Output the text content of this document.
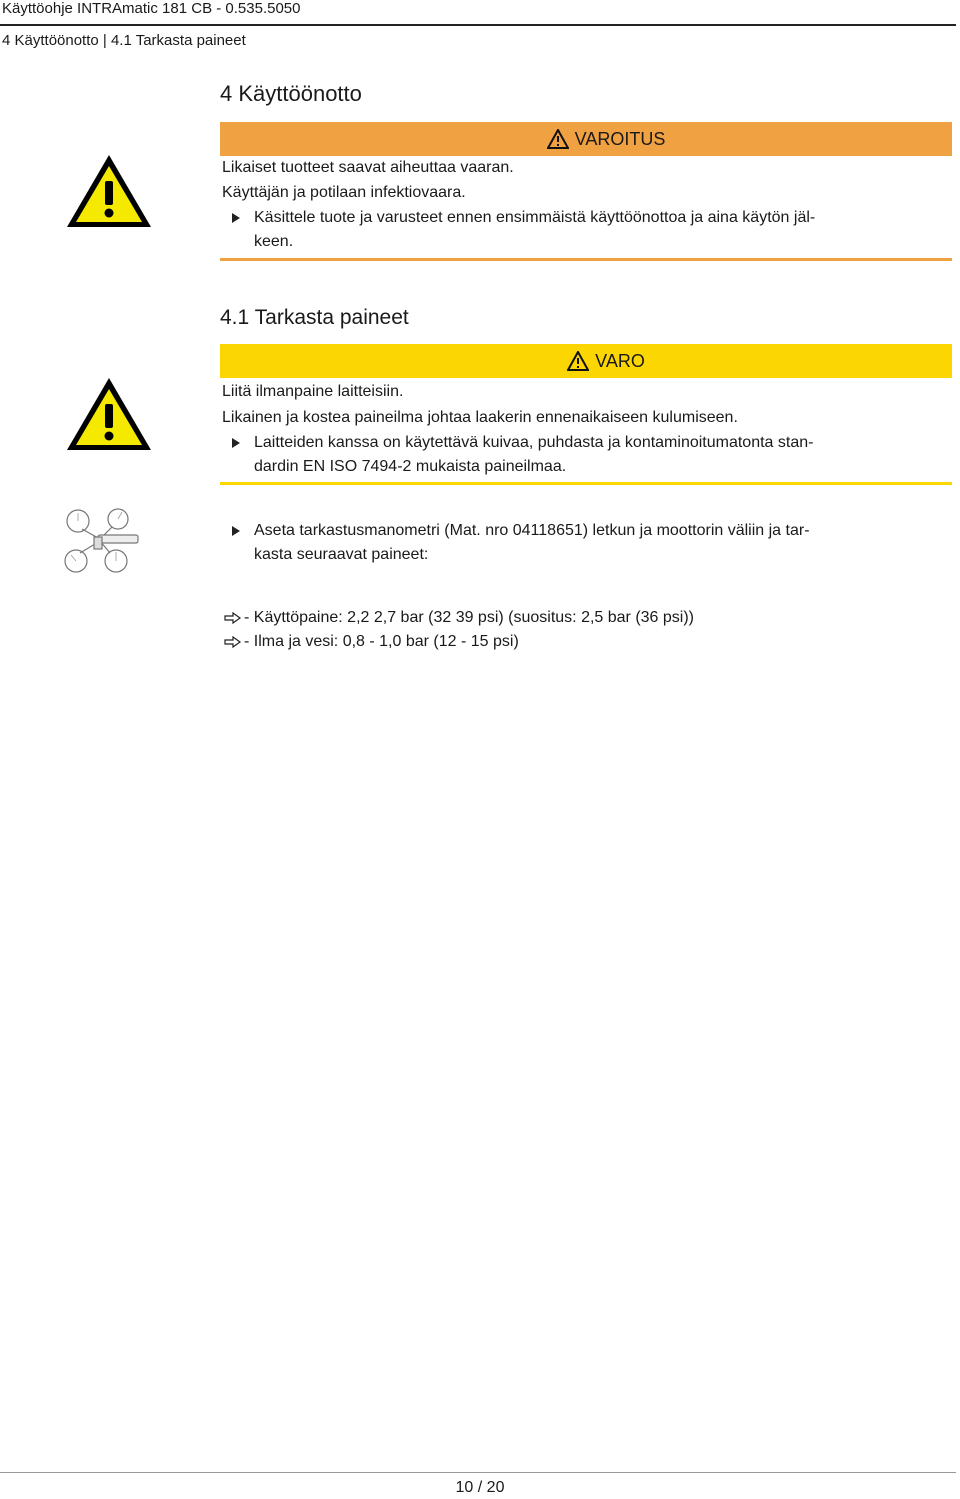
Käyttöohje INTRAmatic 181 CB - 0.535.5050
4 Käyttöönotto | 4.1 Tarkasta paineet
4 Käyttöönotto
VAROITUS
Likaiset tuotteet saavat aiheuttaa vaaran.
Käyttäjän ja potilaan infektiovaara.
Käsittele tuote ja varusteet ennen ensimmäistä käyttöönottoa ja aina käytön jäl-
keen.
4.1 Tarkasta paineet
VARO
Liitä ilmanpaine laitteisiin.
Likainen ja kostea paineilma johtaa laakerin ennenaikaiseen kulumiseen.
Laitteiden kanssa on käytettävä kuivaa, puhdasta ja kontaminoitumatonta stan-
dardin EN ISO 7494-2 mukaista paineilmaa.
Aseta tarkastusmanometri (Mat. nro 04118651) letkun ja moottorin väliin ja tar-
kasta seuraavat paineet:
- Käyttöpaine: 2,2 2,7 bar (32 39 psi) (suositus: 2,5 bar (36 psi))
- Ilma ja vesi: 0,8 - 1,0 bar (12 - 15 psi)
10 / 20
